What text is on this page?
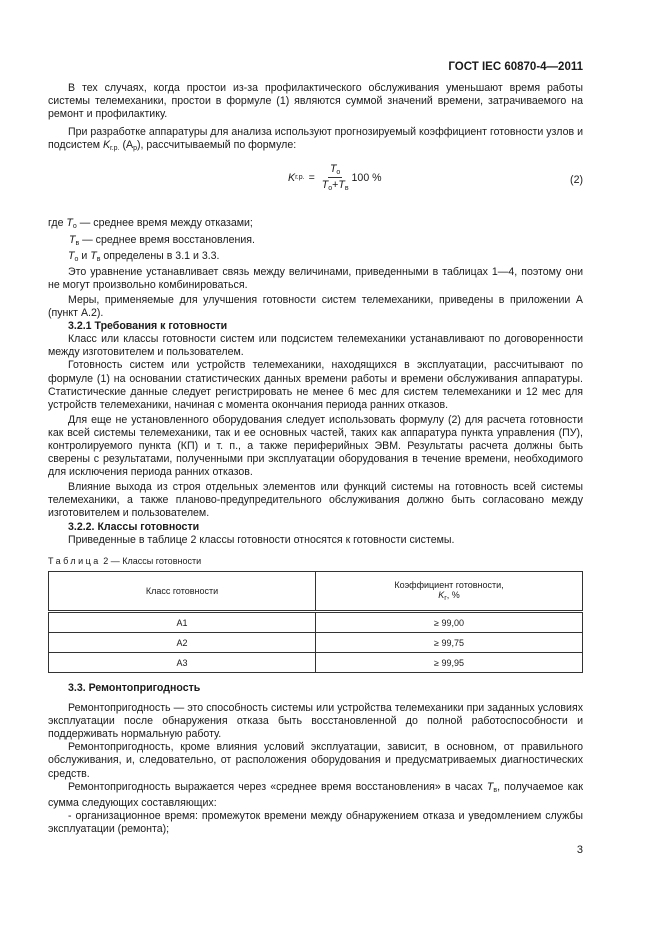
ГОСТ IEC 60870-4—2011

В тех случаях, когда простои из-за профилактического обслуживания уменьшают время работы системы телемеханики, простои в формуле (1) являются суммой значений времени, затрачиваемого на ремонт и профилактику.

При разработке аппаратуры для анализа используют прогнозируемый коэффициент готовности узлов и подсистем $K_{г.р.}$ $(A_p)$, рассчитываемый по формуле:

K г.р. = $\frac{T_o}{T_o+T_в} 100$ %	(2)

где $T_o$ — среднее время между отказами;

$T_в$ — среднее время восстановления.

$T_o$ и $T_в$ определены в 3.1 и 3.3.

Это уравнение устанавливает связь между величинами, приведенными в таблицах 1—4, поэтому они не могут произвольно комбинироваться.

Меры, применяемые для улучшения готовности систем телемеханики, приведены в приложении А (пункт А.2).

3.2.1 Требования к готовности

Класс или классы готовности систем или подсистем телемеханики устанавливают по договоренности между изготовителем и пользователем.

Готовность систем или устройств телемеханики, находящихся в эксплуатации, рассчитывают по формуле (1) на основании статистических данных времени работы и времени обслуживания аппаратуры. Статистические данные следует регистрировать не менее 6 мес для систем телемеханики и 12 мес для устройств телемеханики, начиная с момента окончания периода ранних отказов.

Для еще не установленного оборудования следует использовать формулу (2) для расчета готовности как всей системы телемеханики, так и ее основных частей, таких как аппаратура пункта управления (ПУ), контролируемого пункта (КП) и т. п., а также периферийных ЭВМ. Результаты расчета должны быть сверены с результатами, полученными при эксплуатации оборудования в течение времени, необходимого для исключения периода ранних отказов.

Влияние выхода из строя отдельных элементов или функций системы на готовность всей системы телемеханики, а также планово-предупредительного обслуживания должно быть согласовано между изготовителем и пользователем.

3.2.2. Классы готовности

Приведенные в таблице 2 классы готовности относятся к готовности системы.

Таблица 2 — Классы готовности
Класс готовности	Коэффициент готовности,
$K_г$, %
A1	≥ 99,00
A2	≥ 99,75
A3	≥ 99,95
3.3. Ремонтопригодность

Ремонтопригодность — это способность системы или устройства телемеханики при заданных условиях эксплуатации после обнаружения отказа быть восстановленной до полной работоспособности и поддерживать нормальную работу.

Ремонтопригодность, кроме влияния условий эксплуатации, зависит, в основном, от правильного обслуживания, и, следовательно, от расположения оборудования и предусматриваемых диагностических средств.

Ремонтопригодность выражается через «среднее время восстановления» в часах $T_в$, получаемое как сумма следующих составляющих:

- организационное время: промежуток времени между обнаружением отказа и уведомлением службы эксплуатации (ремонта);

3
